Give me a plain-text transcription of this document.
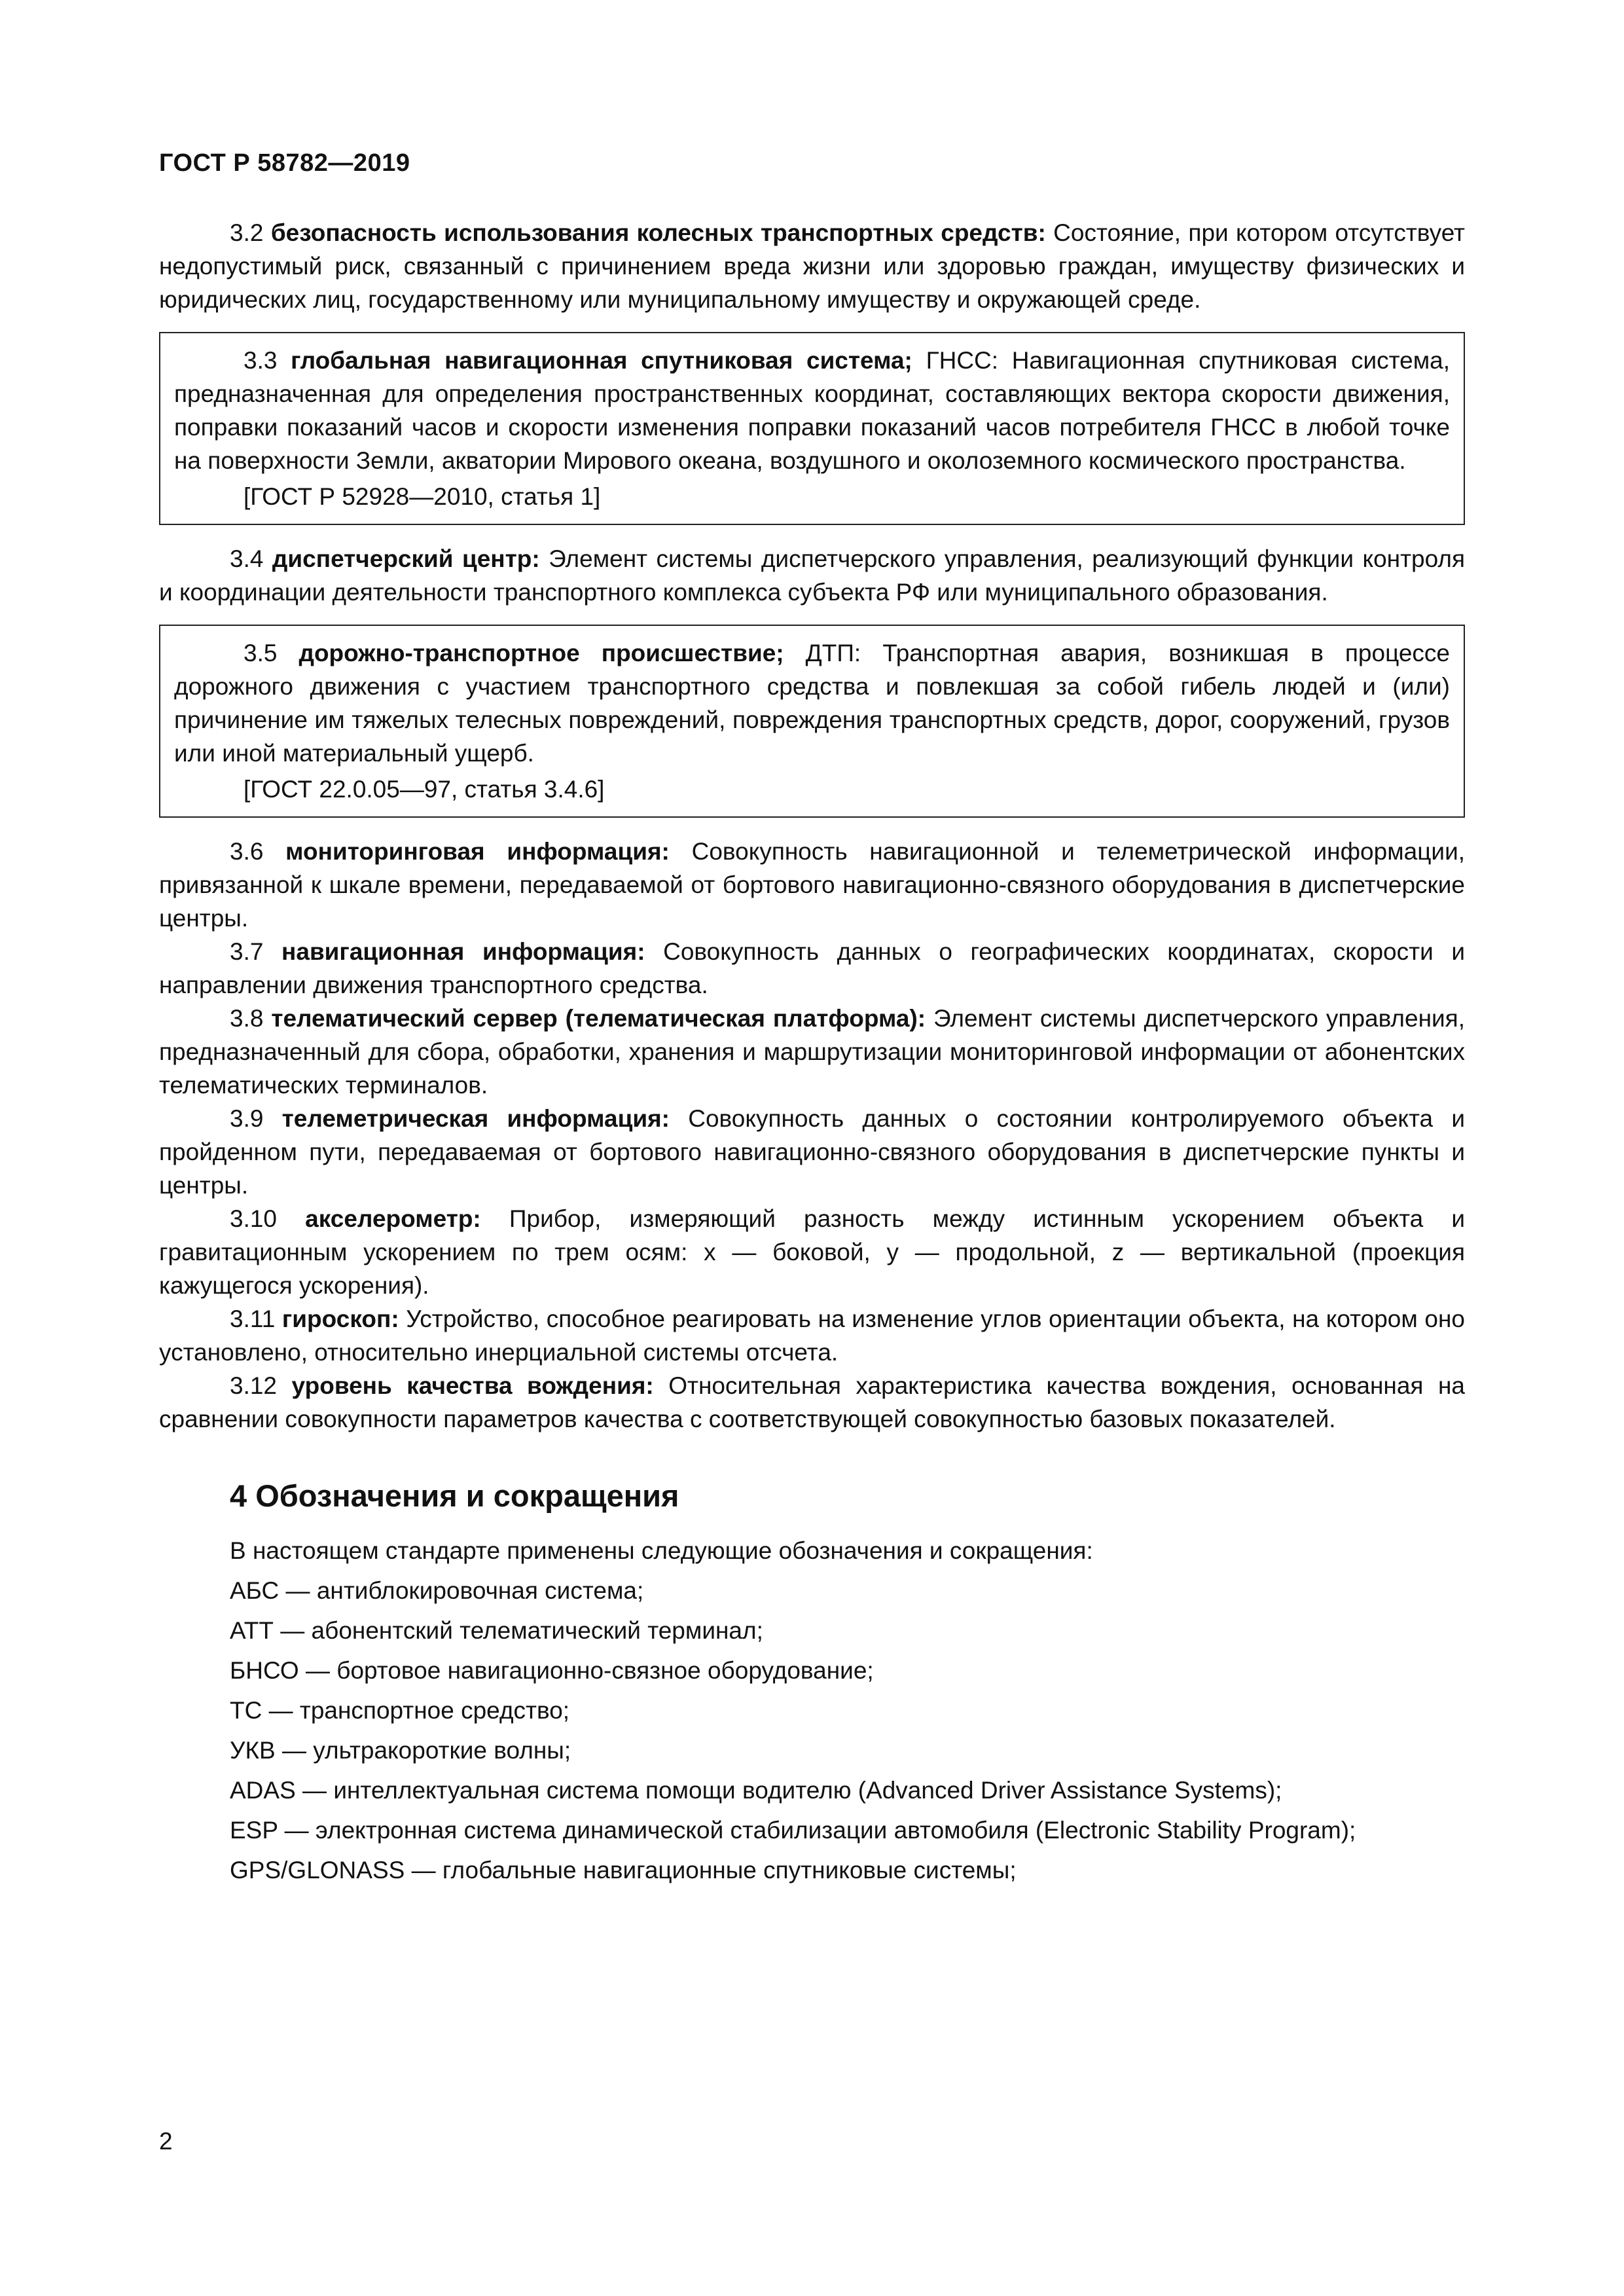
ГОСТ Р 58782—2019

3.2 безопасность использования колесных транспортных средств: Состояние, при котором отсутствует недопустимый риск, связанный с причинением вреда жизни или здоровью граждан, имуществу физических и юридических лиц, государственному или муниципальному имуществу и окружающей среде.

3.3 глобальная навигационная спутниковая система; ГНСС: Навигационная спутниковая система, предназначенная для определения пространственных координат, составляющих вектора скорости движения, поправки показаний часов и скорости изменения поправки показаний часов потребителя ГНСС в любой точке на поверхности Земли, акватории Мирового океана, воздушного и околоземного космического пространства.

[ГОСТ Р 52928—2010, статья 1]

3.4 диспетчерский центр: Элемент системы диспетчерского управления, реализующий функции контроля и координации деятельности транспортного комплекса субъекта РФ или муниципального образования.

3.5 дорожно-транспортное происшествие; ДТП: Транспортная авария, возникшая в процессе дорожного движения с участием транспортного средства и повлекшая за собой гибель людей и (или) причинение им тяжелых телесных повреждений, повреждения транспортных средств, дорог, сооружений, грузов или иной материальный ущерб.

[ГОСТ 22.0.05—97, статья 3.4.6]

3.6 мониторинговая информация: Совокупность навигационной и телеметрической информации, привязанной к шкале времени, передаваемой от бортового навигационно-связного оборудования в диспетчерские центры.

3.7 навигационная информация: Совокупность данных о географических координатах, скорости и направлении движения транспортного средства.

3.8 телематический сервер (телематическая платформа): Элемент системы диспетчерского управления, предназначенный для сбора, обработки, хранения и маршрутизации мониторинговой информации от абонентских телематических терминалов.

3.9 телеметрическая информация: Совокупность данных о состоянии контролируемого объекта и пройденном пути, передаваемая от бортового навигационно-связного оборудования в диспетчерские пункты и центры.

3.10 акселерометр: Прибор, измеряющий разность между истинным ускорением объекта и гравитационным ускорением по трем осям: x — боковой, y — продольной, z — вертикальной (проекция кажущегося ускорения).

3.11 гироскоп: Устройство, способное реагировать на изменение углов ориентации объекта, на котором оно установлено, относительно инерциальной системы отсчета.

3.12 уровень качества вождения: Относительная характеристика качества вождения, основанная на сравнении совокупности параметров качества с соответствующей совокупностью базовых показателей.

4 Обозначения и сокращения

В настоящем стандарте применены следующие обозначения и сокращения:

АБС — антиблокировочная система;
АТТ — абонентский телематический терминал;
БНСО — бортовое навигационно-связное оборудование;
ТС — транспортное средство;
УКВ — ультракороткие волны;
ADAS — интеллектуальная система помощи водителю (Advanced Driver Assistance Systems);
ESP — электронная система динамической стабилизации автомобиля (Electronic Stability Program);
GPS/GLONASS — глобальные навигационные спутниковые системы;
2
